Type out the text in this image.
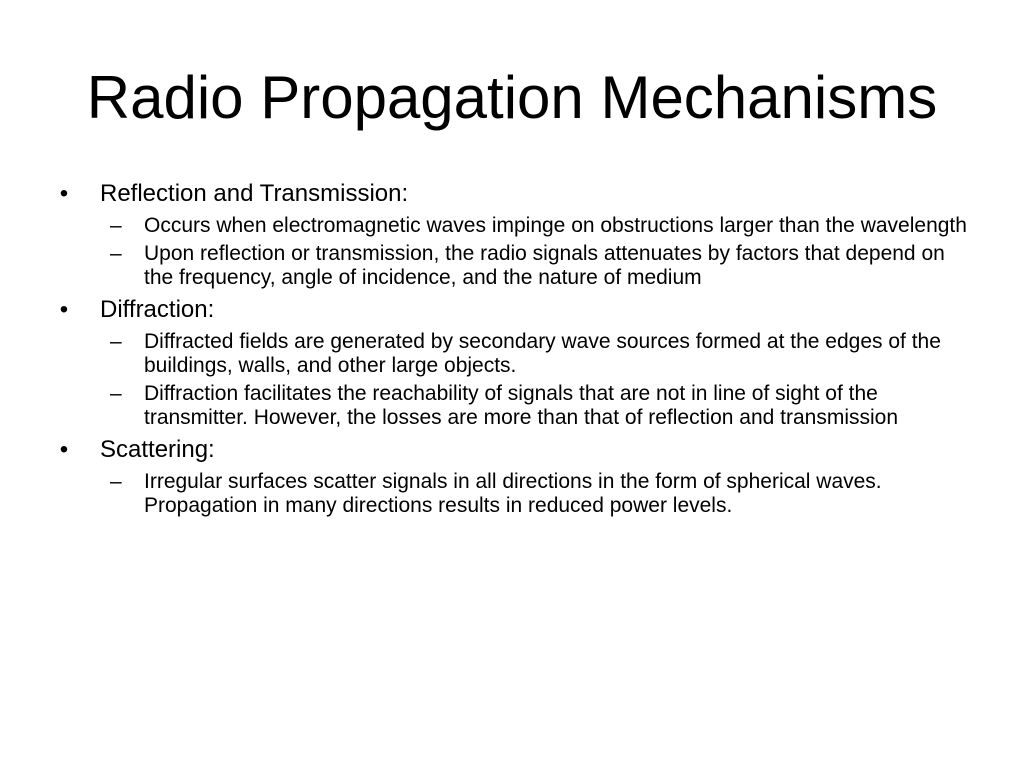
Radio Propagation Mechanisms
• Reflection and Transmission:
– Occurs when electromagnetic waves impinge on obstructions larger than the wavelength
– Upon reflection or transmission, the radio signals attenuates by factors that depend on the frequency, angle of incidence, and the nature of medium
• Diffraction:
– Diffracted fields are generated by secondary wave sources formed at the edges of the buildings, walls, and other large objects.
– Diffraction facilitates the reachability of signals that are not in line of sight of the transmitter. However, the losses are more than that of reflection and transmission
• Scattering:
– Irregular surfaces scatter signals in all directions in the form of spherical waves. Propagation in many directions results in reduced power levels.
